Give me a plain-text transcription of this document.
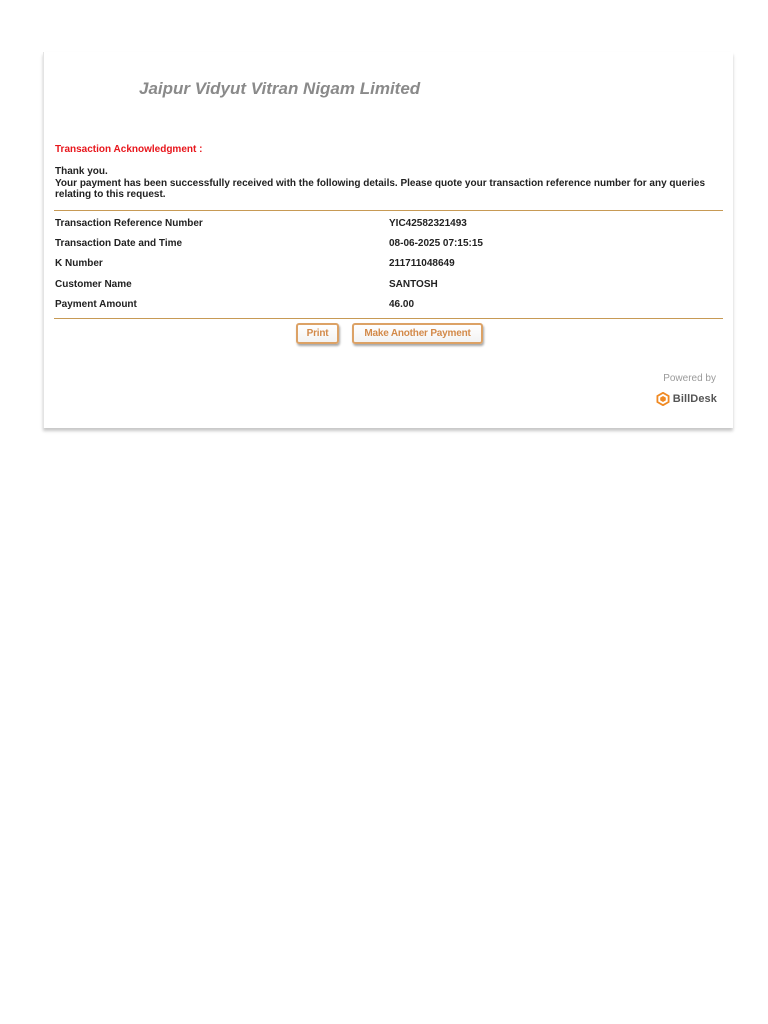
Jaipur Vidyut Vitran Nigam Limited
Transaction Acknowledgment :
Thank you.
Your payment has been successfully received with the following details. Please quote your transaction reference number for any queries relating to this request.
Transaction Reference Number	YIC42582321493
Transaction Date and Time	08-06-2025 07:15:15
K Number	211711048649
Customer Name	SANTOSH
Payment Amount	46.00
Print	Make Another Payment
Powered by
BillDesk
